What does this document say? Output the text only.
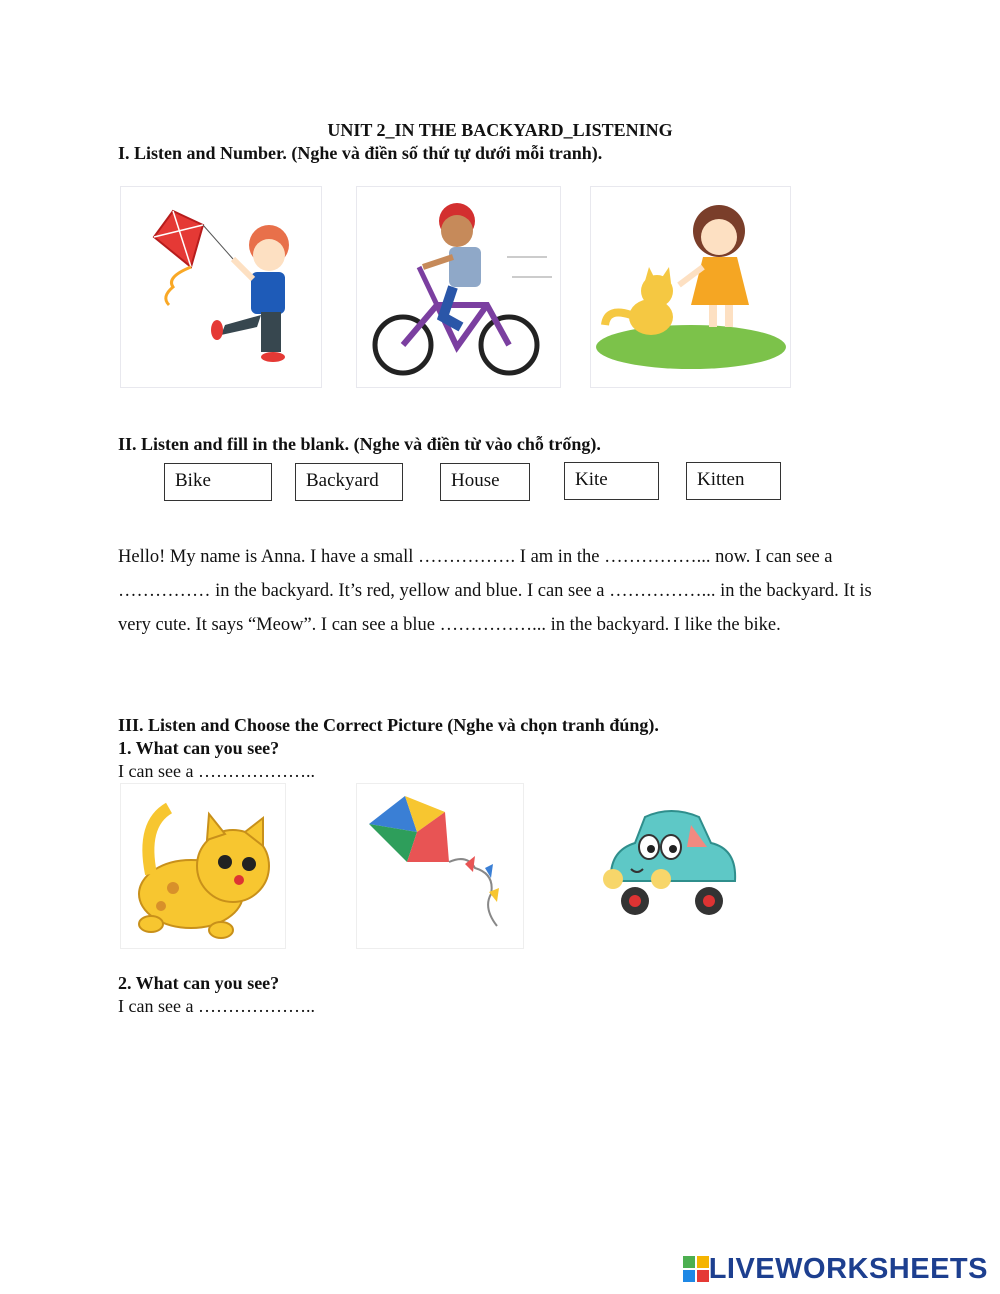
UNIT 2_IN THE BACKYARD_LISTENING
I. Listen and Number. (Nghe và điền số thứ tự dưới mỗi tranh).
II. Listen and fill in the blank. (Nghe và điền từ vào chỗ trống).
Bike	Backyard	House	Kite	Kitten
Hello! My name is Anna. I have a small ……………. I am in the ……………... now. I can see a …………… in the backyard. It’s red, yellow and blue. I can see a ……………... in the backyard. It is very cute. It says “Meow”. I can see a blue ……………... in the backyard. I like the bike.
III. Listen and Choose the Correct Picture (Nghe và chọn tranh đúng).
1. What can you see?
I can see a ………………..
2. What can you see?
I can see a ………………..
LIVEWORKSHEETS
